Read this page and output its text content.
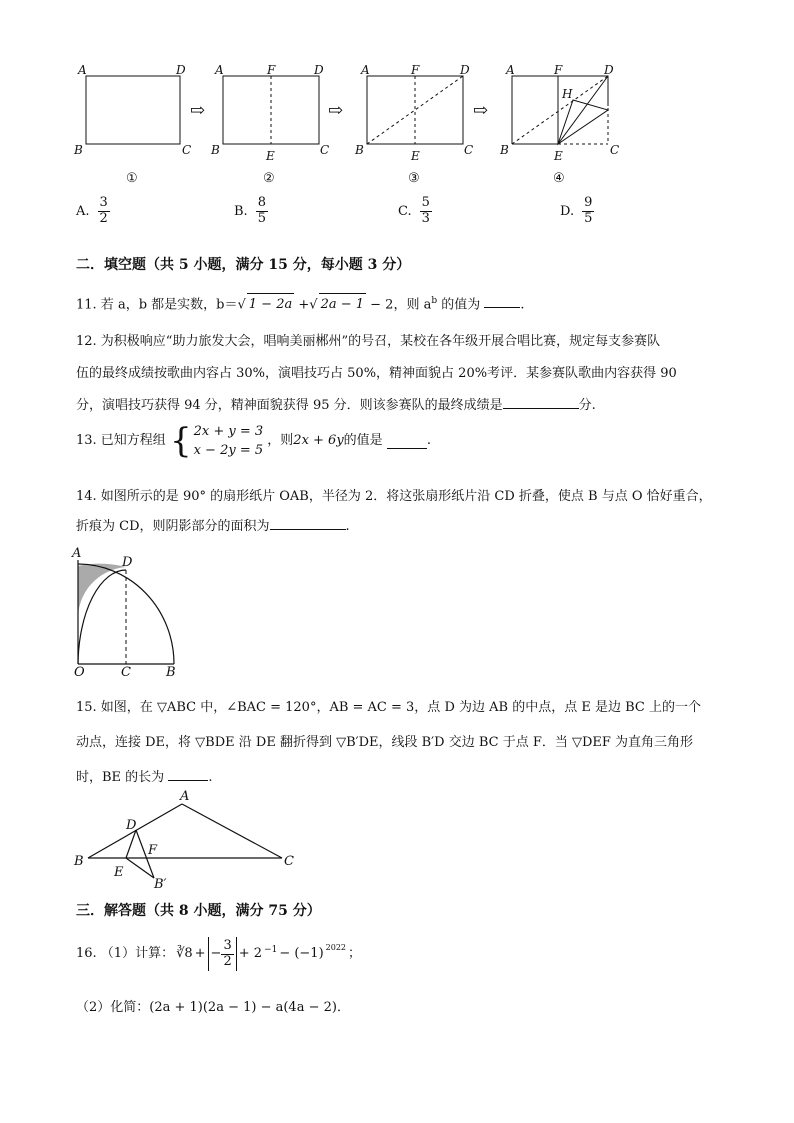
A	D
B	C
①
⇨
A	F	D
B	E	C
②
⇨
A	F	D
B	E	C
③
⇨
A	F	D
H
B	E	C
④
A. $\frac{3}{2}$	B. $\frac{8}{5}$	C. $\frac{5}{3}$	D. $\frac{9}{5}$
二．填空题（共 5 小题，满分 15 分，每小题 3 分）
11. 若 a，b 都是实数，b＝√ 1 − 2a +√ 2a − 1 − 2，则 $a^b$ 的值为	.
12. 为积极响应“助力旅发大会，唱响美丽郴州”的号召，某校在各年级开展合唱比赛，规定每支参赛队
伍的最终成绩按歌曲内容占 30%，演唱技巧占 50%，精神面貌占 20%考评．某参赛队歌曲内容获得 90
分，演唱技巧获得 94 分，精神面貌获得 95 分．则该参赛队的最终成绩是	分.
13. 已知方程组 { 2x + y = 3
x − 2y = 5
，则2x + 6y的值是	.
14. 如图所示的是 90° 的扇形纸片 OAB，半径为 2．将这张扇形纸片沿 CD 折叠，使点 B 与点 O 恰好重合，
折痕为 CD，则阴影部分的面积为	.
A
D
O	C	B
15. 如图，在 ▽ABC 中，∠BAC = 120°，AB = AC = 3，点 D 为边 AB 的中点，点 E 是边 BC 上的一个
动点，连接 DE，将 ▽BDE 沿 DE 翻折得到 ▽B′DE，线段 B′D 交边 BC 于点 F．当 ▽DEF 为直角三角形
时，BE 的长为	.
A
D
B
F
C
E
B′
三．解答题（共 8 小题，满分 75 分）
16. （1）计算： ∛8 + − $\frac{3}{2} + 2^{-1} - (-1)$ $^{2022}$ ；
（2）化简：(2a + 1)(2a − 1) − a(4a − 2)．
